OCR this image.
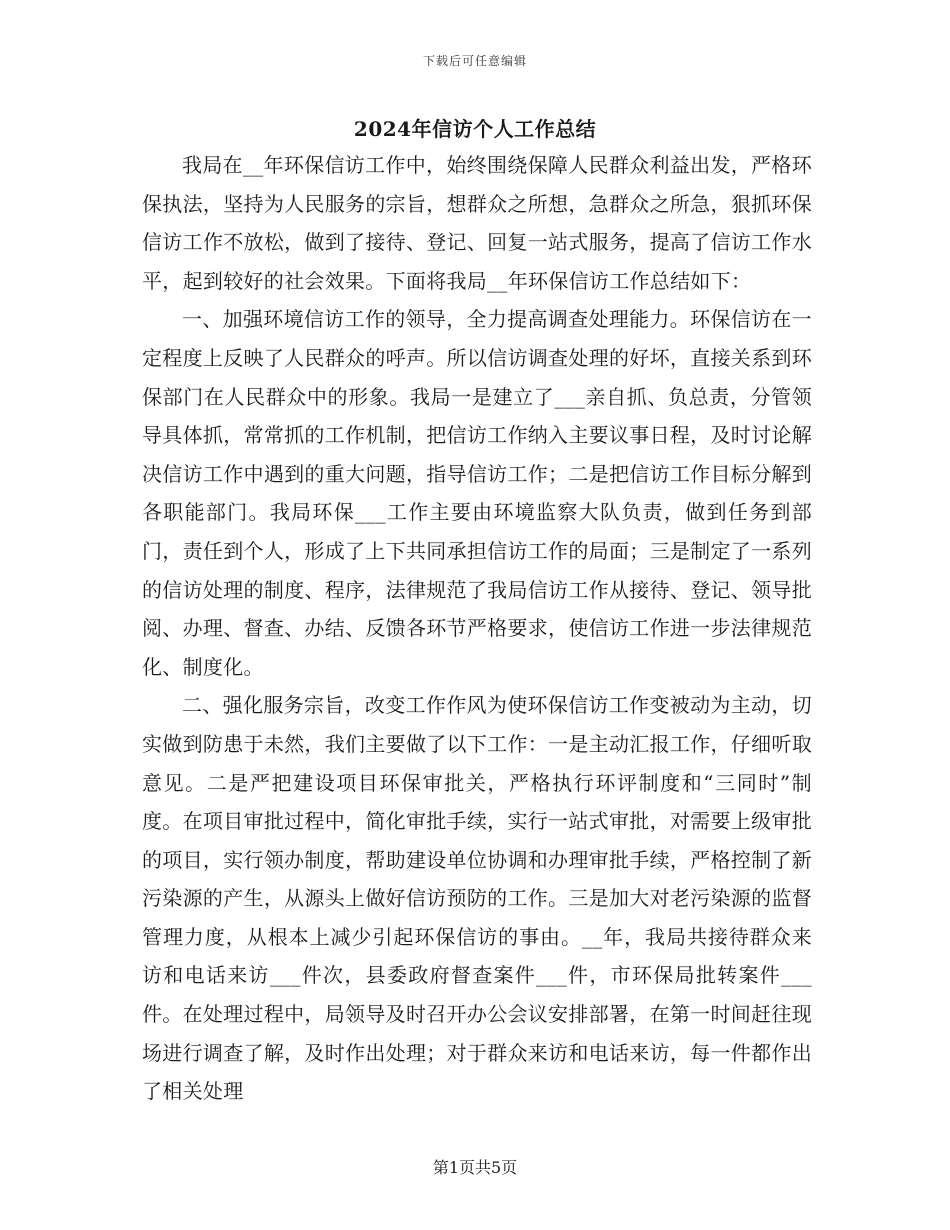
下载后可任意编辑
2024年信访个人工作总结

我局在__年环保信访工作中，始终围绕保障人民群众利益出发，严格环保执法，坚持为人民服务的宗旨，想群众之所想，急群众之所急，狠抓环保信访工作不放松，做到了接待、登记、回复一站式服务，提高了信访工作水平，起到较好的社会效果。下面将我局__年环保信访工作总结如下：

一、加强环境信访工作的领导，全力提高调查处理能力。环保信访在一定程度上反映了人民群众的呼声。所以信访调查处理的好坏，直接关系到环保部门在人民群众中的形象。我局一是建立了___亲自抓、负总责，分管领导具体抓，常常抓的工作机制，把信访工作纳入主要议事日程，及时讨论解决信访工作中遇到的重大问题，指导信访工作；二是把信访工作目标分解到各职能部门。我局环保___工作主要由环境监察大队负责，做到任务到部门，责任到个人，形成了上下共同承担信访工作的局面；三是制定了一系列的信访处理的制度、程序，法律规范了我局信访工作从接待、登记、领导批阅、办理、督查、办结、反馈各环节严格要求，使信访工作进一步法律规范化、制度化。

二、强化服务宗旨，改变工作作风为使环保信访工作变被动为主动，切实做到防患于未然，我们主要做了以下工作：一是主动汇报工作，仔细听取意见。二是严把建设项目环保审批关，严格执行环评制度和“三同时”制度。在项目审批过程中，简化审批手续，实行一站式审批，对需要上级审批的项目，实行领办制度，帮助建设单位协调和办理审批手续，严格控制了新污染源的产生，从源头上做好信访预防的工作。三是加大对老污染源的监督管理力度，从根本上减少引起环保信访的事由。__年，我局共接待群众来访和电话来访___件次，县委政府督查案件___件，市环保局批转案件___件。在处理过程中，局领导及时召开办公会议安排部署，在第一时间赶往现场进行调查了解，及时作出处理；对于群众来访和电话来访，每一件都作出了相关处理

第1页共5页
